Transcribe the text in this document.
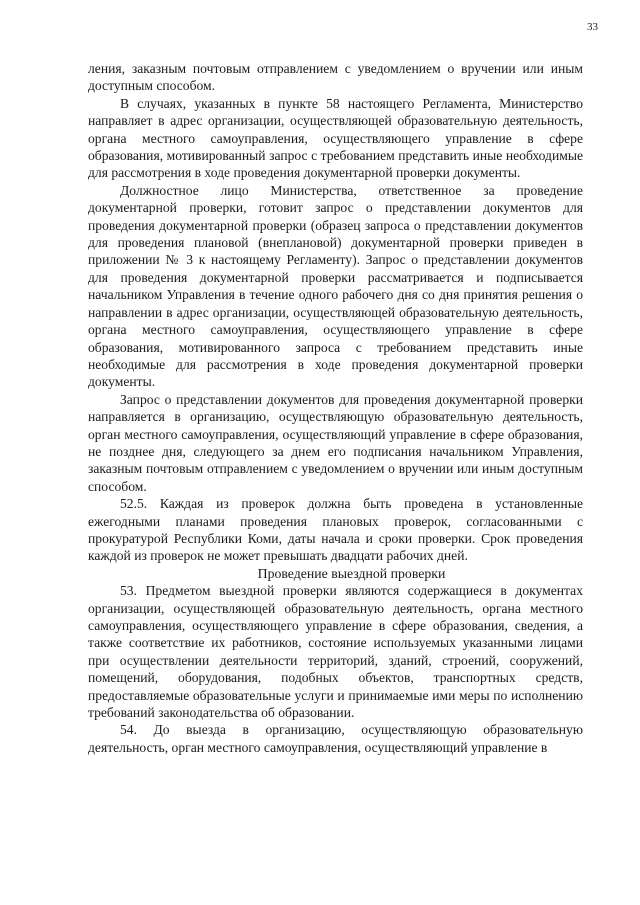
33

ления, заказным почтовым отправлением с уведомлением о вручении или иным доступным способом.

В случаях, указанных в пункте 58 настоящего Регламента, Министерство направляет в адрес организации, осуществляющей образовательную деятельность, органа местного самоуправления, осуществляющего управление в сфере образования, мотивированный запрос с требованием представить иные необходимые для рассмотрения в ходе проведения документарной проверки документы.

Должностное лицо Министерства, ответственное за проведение документарной проверки, готовит запрос о представлении документов для проведения документарной проверки (образец запроса о представлении документов для проведения плановой (внеплановой) документарной проверки приведен в приложении № 3 к настоящему Регламенту). Запрос о представлении документов для проведения документарной проверки рассматривается и подписывается начальником Управления в течение одного рабочего дня со дня принятия решения о направлении в адрес организации, осуществляющей образовательную деятельность, органа местного самоуправления, осуществляющего управление в сфере образования, мотивированного запроса с требованием представить иные необходимые для рассмотрения в ходе проведения документарной проверки документы.

Запрос о представлении документов для проведения документарной проверки направляется в организацию, осуществляющую образовательную деятельность, орган местного самоуправления, осуществляющий управление в сфере образования, не позднее дня, следующего за днем его подписания начальником Управления, заказным почтовым отправлением с уведомлением о вручении или иным доступным способом.

52.5. Каждая из проверок должна быть проведена в установленные ежегодными планами проведения плановых проверок, согласованными с прокуратурой Республики Коми, даты начала и сроки проверки. Срок проведения каждой из проверок не может превышать двадцати рабочих дней.

Проведение выездной проверки

53. Предметом выездной проверки являются содержащиеся в документах организации, осуществляющей образовательную деятельность, органа местного самоуправления, осуществляющего управление в сфере образования, сведения, а также соответствие их работников, состояние используемых указанными лицами при осуществлении деятельности территорий, зданий, строений, сооружений, помещений, оборудования, подобных объектов, транспортных средств, предоставляемые образовательные услуги и принимаемые ими меры по исполнению требований законодательства об образовании.

54. До выезда в организацию, осуществляющую образовательную деятельность, орган местного самоуправления, осуществляющий управление в
